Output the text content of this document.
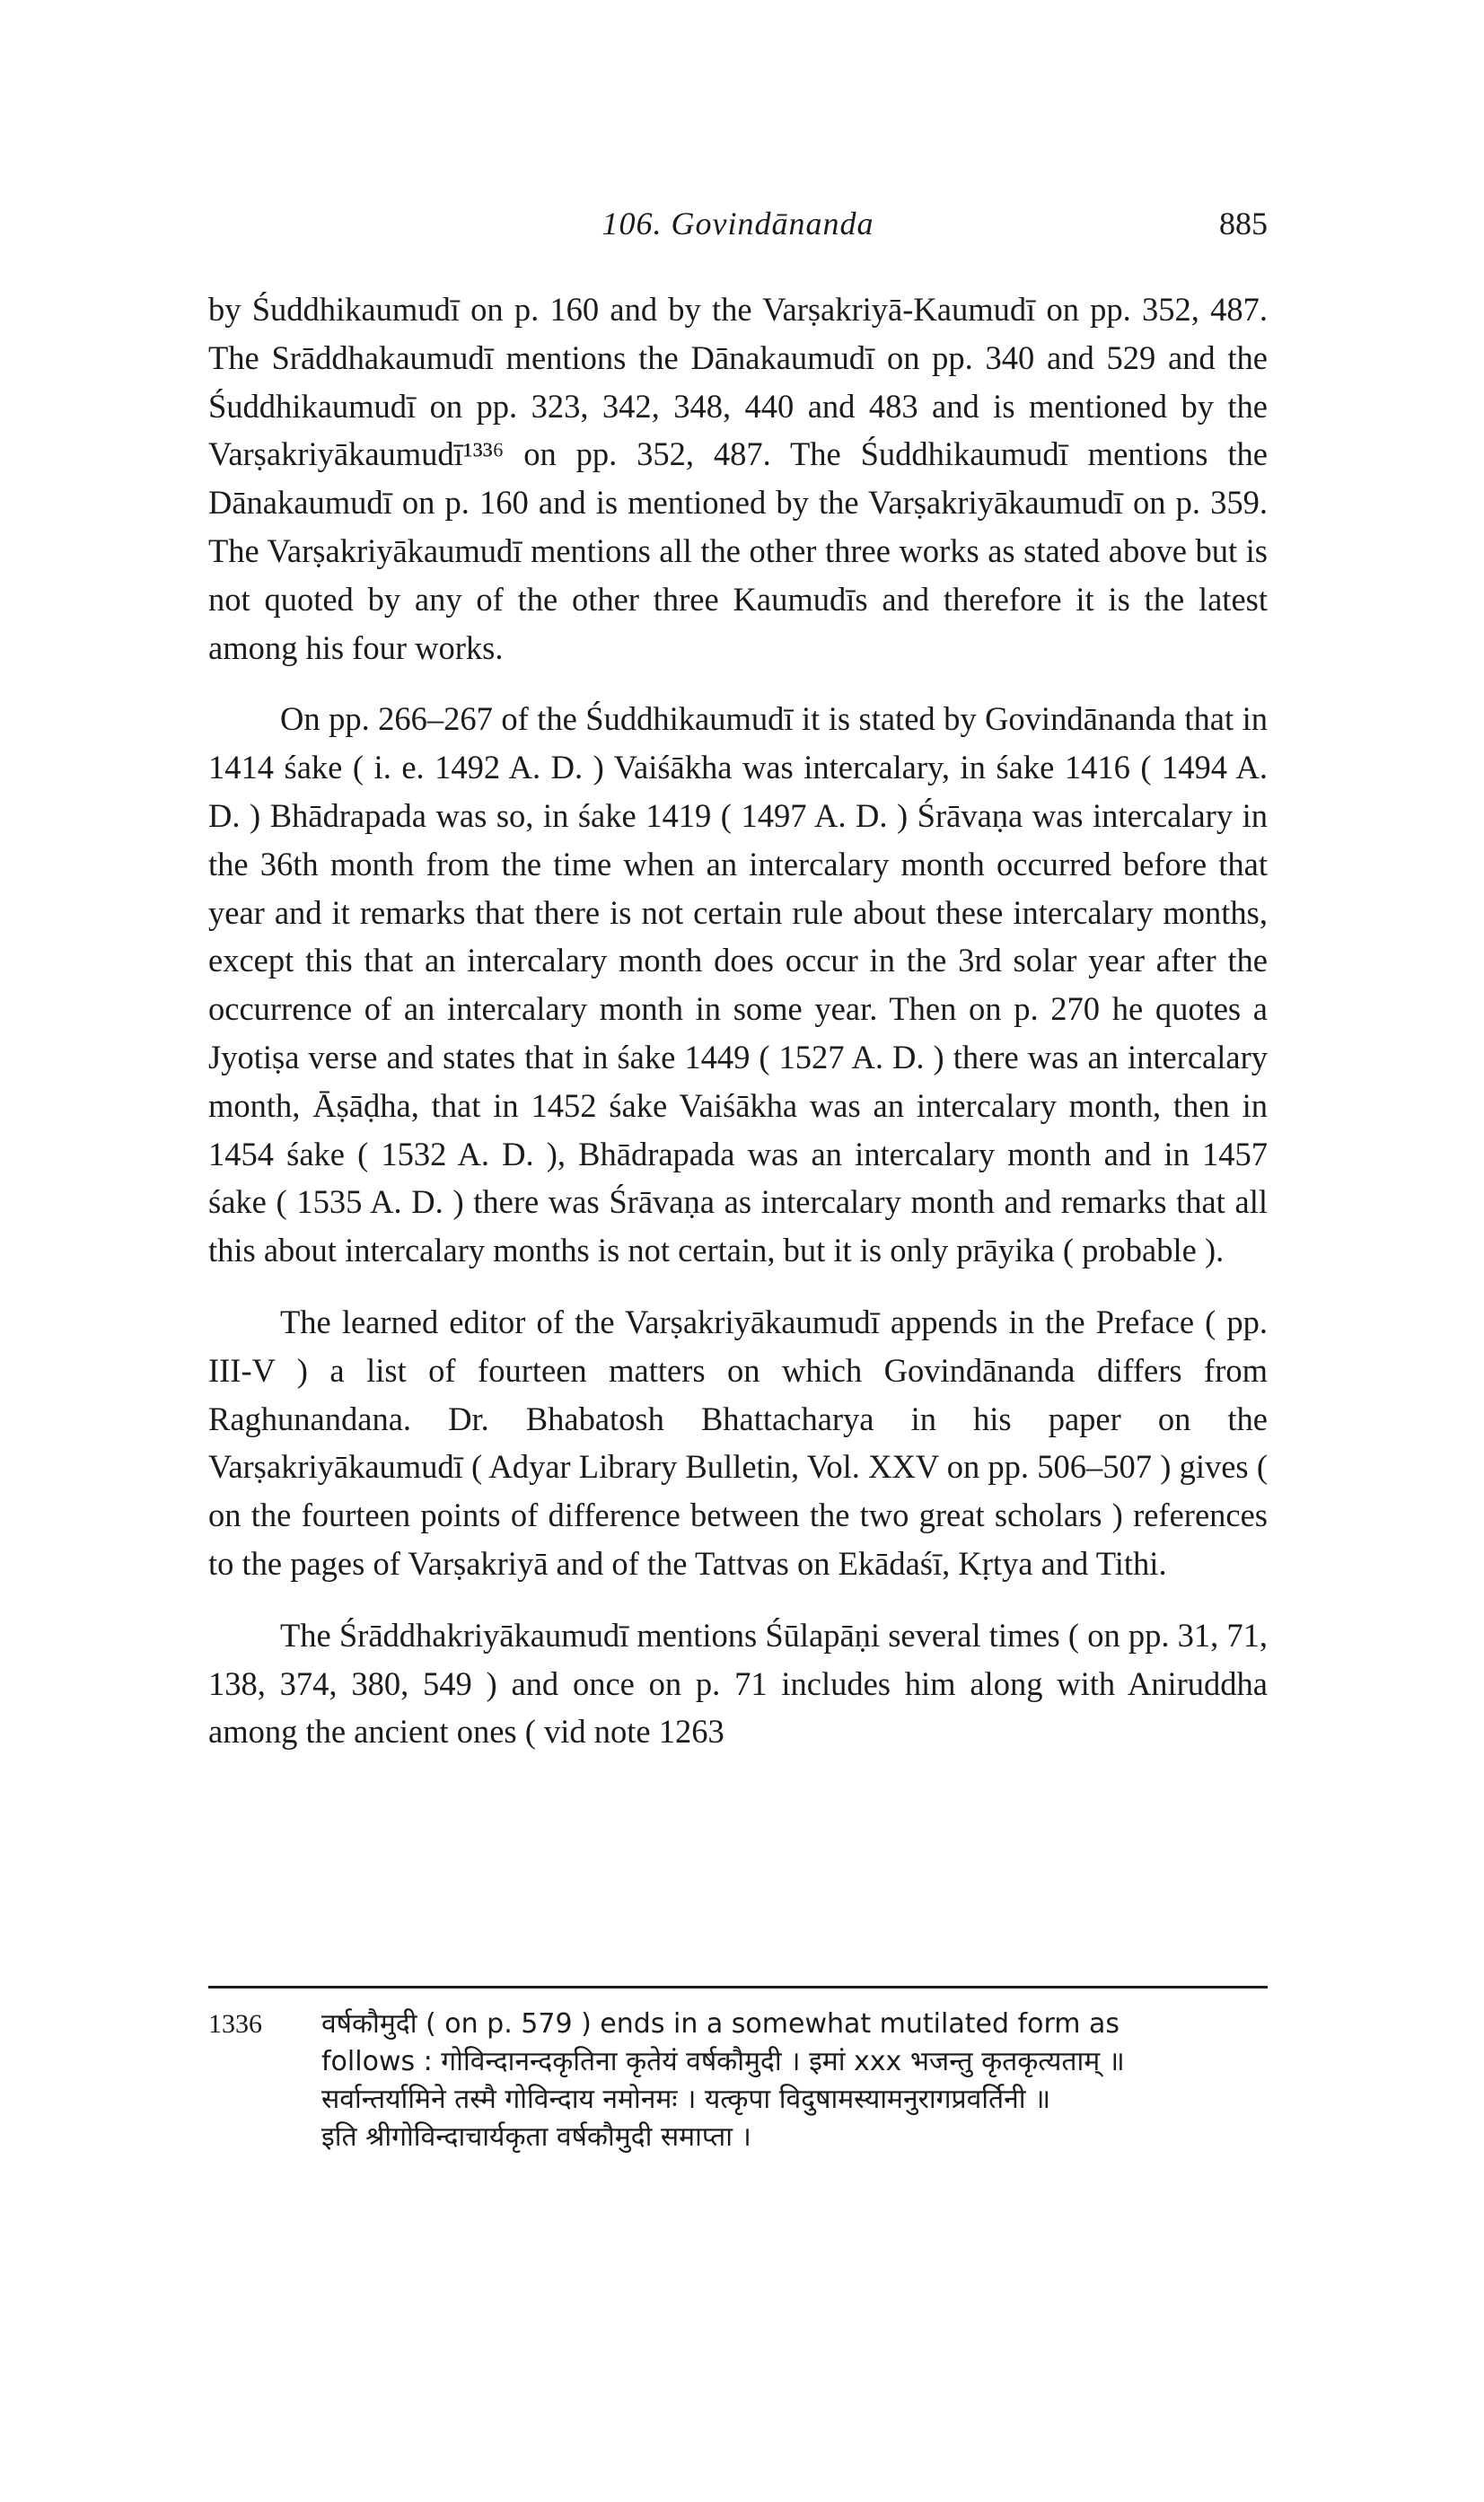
106. Govindānanda	885

by Śuddhikaumudī on p. 160 and by the Varṣakriyā-Kaumudī on pp. 352, 487. The Srāddhakaumudī mentions the Dānakaumudī on pp. 340 and 529 and the Śuddhikaumudī on pp. 323, 342, 348, 440 and 483 and is mentioned by the Varṣakriyākaumudī¹³³⁶ on pp. 352, 487. The Śuddhikaumudī mentions the Dānakaumudī on p. 160 and is mentioned by the Varṣakriyākaumudī on p. 359. The Varṣakriyākaumudī mentions all the other three works as stated above but is not quoted by any of the other three Kaumudīs and therefore it is the latest among his four works.

On pp. 266–267 of the Śuddhikaumudī it is stated by Govindānanda that in 1414 śake ( i. e. 1492 A. D. ) Vaiśākha was intercalary, in śake 1416 ( 1494 A. D. ) Bhādrapada was so, in śake 1419 ( 1497 A. D. ) Śrāvaṇa was intercalary in the 36th month from the time when an intercalary month occurred before that year and it remarks that there is not certain rule about these intercalary months, except this that an intercalary month does occur in the 3rd solar year after the occurrence of an intercalary month in some year. Then on p. 270 he quotes a Jyotiṣa verse and states that in śake 1449 ( 1527 A. D. ) there was an intercalary month, Āṣāḍha, that in 1452 śake Vaiśākha was an intercalary month, then in 1454 śake ( 1532 A. D. ), Bhādrapada was an intercalary month and in 1457 śake ( 1535 A. D. ) there was Śrāvaṇa as intercalary month and remarks that all this about intercalary months is not certain, but it is only prāyika ( probable ).

The learned editor of the Varṣakriyākaumudī appends in the Preface ( pp. III-V ) a list of fourteen matters on which Govindānanda differs from Raghunandana. Dr. Bhabatosh Bhattacharya in his paper on the Varṣakriyākaumudī ( Adyar Library Bulletin, Vol. XXV on pp. 506–507 ) gives ( on the fourteen points of difference between the two great scholars ) references to the pages of Varṣakriyā and of the Tattvas on Ekādaśī, Kṛtya and Tithi.

The Śrāddhakriyākaumudī mentions Śūlapāṇi several times ( on pp. 31, 71, 138, 374, 380, 549 ) and once on p. 71 includes him along with Aniruddha among the ancient ones ( vid note 1263

1336 वर्षकौमुदी ( on p. 579 ) ends in a somewhat mutilated form as
follows : गोविन्दानन्दकृतिना कृतेयं वर्षकौमुदी । इमां xxx भजन्तु कृतकृत्यताम् ॥
सर्वान्तर्यामिने तस्मै गोविन्दाय नमोनमः । यत्कृपा विदुषामस्यामनुरागप्रवर्तिनी ॥
इति श्रीगोविन्दाचार्यकृता वर्षकौमुदी समाप्ता ।
